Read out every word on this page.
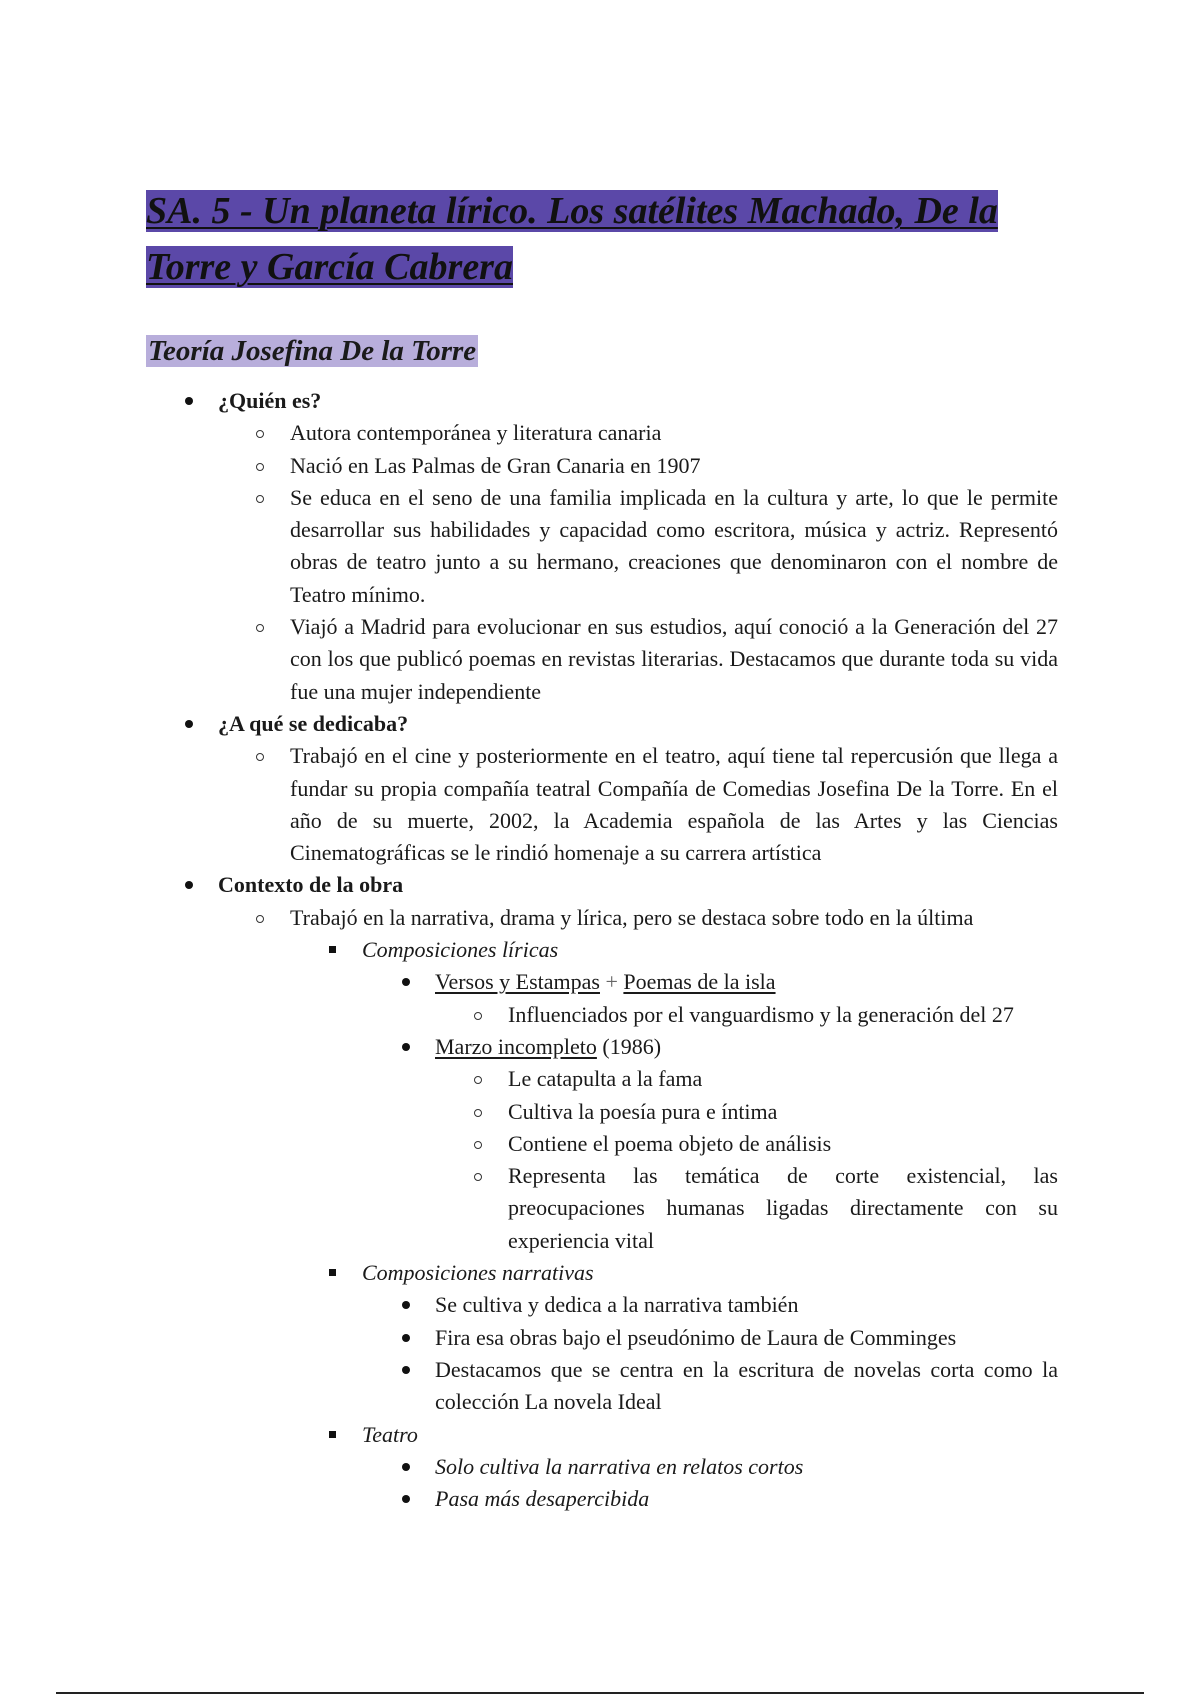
SA. 5 - Un planeta lírico. Los satélites Machado, De la Torre y García Cabrera
Teoría Josefina De la Torre
¿Quién es?
Autora contemporánea y literatura canaria
Nació en Las Palmas de Gran Canaria en 1907
Se educa en el seno de una familia implicada en la cultura y arte, lo que le permite desarrollar sus habilidades y capacidad como escritora, música y actriz. Representó obras de teatro junto a su hermano, creaciones que denominaron con el nombre de Teatro mínimo.
Viajó a Madrid para evolucionar en sus estudios, aquí conoció a la Generación del 27 con los que publicó poemas en revistas literarias. Destacamos que durante toda su vida fue una mujer independiente
¿A qué se dedicaba?
Trabajó en el cine y posteriormente en el teatro, aquí tiene tal repercusión que llega a fundar su propia compañía teatral Compañía de Comedias Josefina De la Torre. En el año de su muerte, 2002, la Academia española de las Artes y las Ciencias Cinematográficas se le rindió homenaje a su carrera artística
Contexto de la obra
Trabajó en la narrativa, drama y lírica, pero se destaca sobre todo en la última
Composiciones líricas
Versos y Estampas + Poemas de la isla
Influenciados por el vanguardismo y la generación del 27
Marzo incompleto (1986)
Le catapulta a la fama
Cultiva la poesía pura e íntima
Contiene el poema objeto de análisis
Representa las temática de corte existencial, las preocupaciones humanas ligadas directamente con su experiencia vital
Composiciones narrativas
Se cultiva y dedica a la narrativa también
Fira esa obras bajo el pseudónimo de Laura de Comminges
Destacamos que se centra en la escritura de novelas corta como la colección La novela Ideal
Teatro
Solo cultiva la narrativa en relatos cortos
Pasa más desapercibida
